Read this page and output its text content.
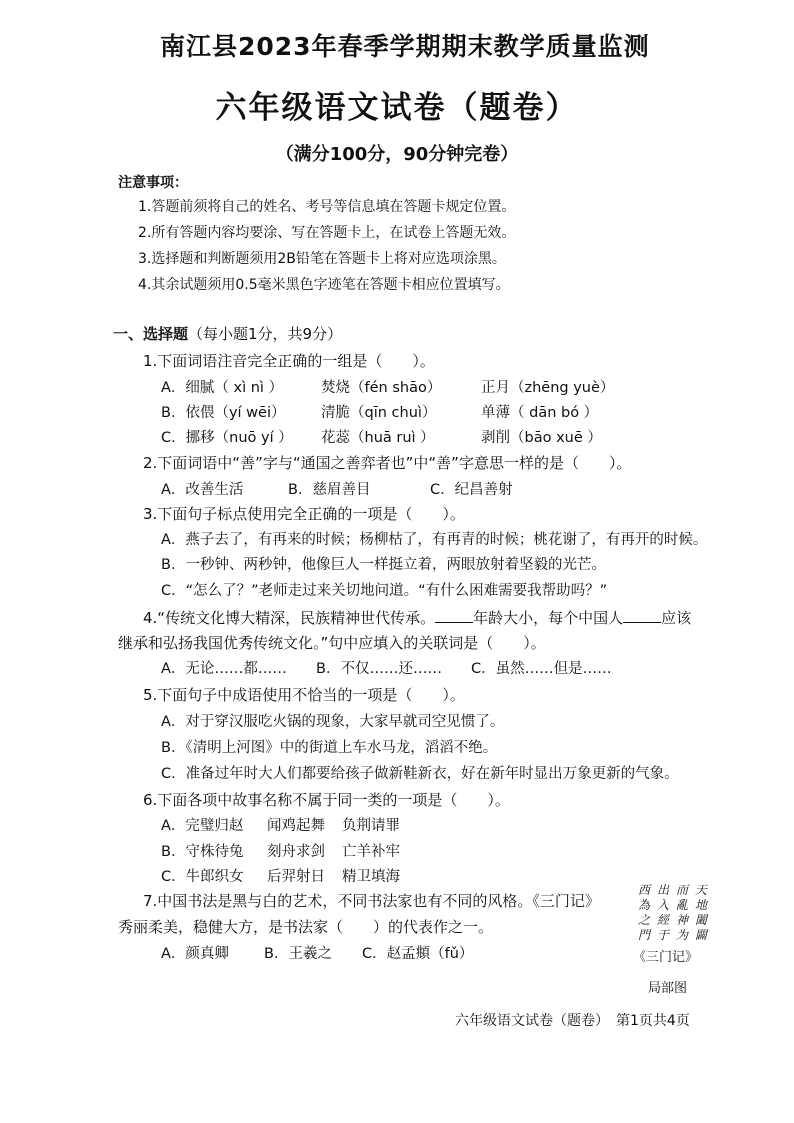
南江县2023年春季学期期末教学质量监测
六年级语文试卷（题卷）
（满分100分，90分钟完卷）
注意事项：
1.答题前须将自己的姓名、考号等信息填在答题卡规定位置。
2.所有答题内容均要涂、写在答题卡上，在试卷上答题无效。
3.选择题和判断题须用2B铅笔在答题卡上将对应选项涂黑。
4.其余试题须用0.5毫米黑色字迹笔在答题卡相应位置填写。
一、选择题（每小题1分，共9分）
1.下面词语注音完全正确的一组是（　　）。
A．细腻（ xì nì ）	焚烧（fén shāo）	正月（zhēng yuè）
B．依偎（yí wēi） 清脆（qīn chuì）	单薄（ dān bó ）
C．挪移（nuō yí ） 花蕊（huā ruì ）	剥削（bāo xuē ）
2.下面词语中“善”字与“通国之善弈者也”中“善”字意思一样的是（　　）。
A．改善生活	B．慈眉善目	C．纪昌善射
3.下面句子标点使用完全正确的一项是（　　）。
A．燕子去了，有再来的时候；杨柳枯了，有再青的时候；桃花谢了，有再开的时候。
B．一秒钟、两秒钟，他像巨人一样挺立着，两眼放射着坚毅的光芒。
C．“怎么了？”老师走过来关切地问道。“有什么困难需要我帮助吗？”
4.“传统文化博大精深，民族精神世代传承。	年龄大小，每个中国人	应该
继承和弘扬我国优秀传统文化。”句中应填入的关联词是（　　）。
A．无论……都…… B．不仅……还…… C．虽然……但是……
5.下面句子中成语使用不恰当的一项是（　　）。
A．对于穿汉服吃火锅的现象，大家早就司空见惯了。
B．《清明上河图》中的街道上车水马龙，滔滔不绝。
C．准备过年时大人们都要给孩子做新鞋新衣，好在新年时显出万象更新的气象。
6.下面各项中故事名称不属于同一类的一项是（　　）。
A．完璧归赵 闻鸡起舞 负荆请罪
B．守株待兔 刻舟求剑 亡羊补牢
C．牛郎织女 后羿射日 精卫填海
7.中国书法是黑与白的艺术，不同书法家也有不同的风格。《三门记》
秀丽柔美，稳健大方，是书法家（　　）的代表作之一。
A．颜真卿 B．王羲之 C．赵孟頫（fǔ）
西 出 而 天
為 入 亂 地
之 經 神 闔
門 于 为 闢
《三门记》
局部图
六年级语文试卷（题卷）　第1页共4页
